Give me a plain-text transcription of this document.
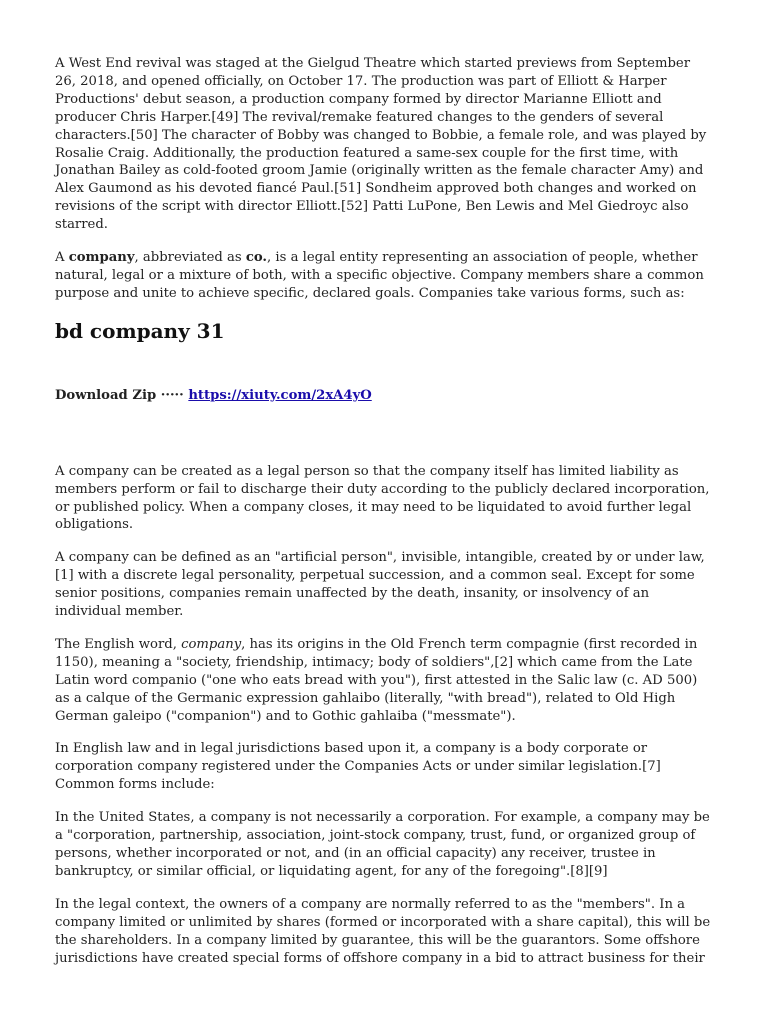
A West End revival was staged at the Gielgud Theatre which started previews from September 26, 2018, and opened officially, on October 17. The production was part of Elliott & Harper Productions' debut season, a production company formed by director Marianne Elliott and producer Chris Harper.[49] The revival/remake featured changes to the genders of several characters.[50] The character of Bobby was changed to Bobbie, a female role, and was played by Rosalie Craig. Additionally, the production featured a same-sex couple for the first time, with Jonathan Bailey as cold-footed groom Jamie (originally written as the female character Amy) and Alex Gaumond as his devoted fiancé Paul.[51] Sondheim approved both changes and worked on revisions of the script with director Elliott.[52] Patti LuPone, Ben Lewis and Mel Giedroyc also starred.

A company, abbreviated as co., is a legal entity representing an association of people, whether natural, legal or a mixture of both, with a specific objective. Company members share a common purpose and unite to achieve specific, declared goals. Companies take various forms, such as:

bd company 31
Download Zip ····· https://xiuty.com/2xA4yO

A company can be created as a legal person so that the company itself has limited liability as members perform or fail to discharge their duty according to the publicly declared incorporation, or published policy. When a company closes, it may need to be liquidated to avoid further legal obligations.

A company can be defined as an "artificial person", invisible, intangible, created by or under law,[1] with a discrete legal personality, perpetual succession, and a common seal. Except for some senior positions, companies remain unaffected by the death, insanity, or insolvency of an individual member.

The English word, company, has its origins in the Old French term compagnie (first recorded in 1150), meaning a "society, friendship, intimacy; body of soldiers",[2] which came from the Late Latin word companio ("one who eats bread with you"), first attested in the Salic law (c. AD 500) as a calque of the Germanic expression gahlaibo (literally, "with bread"), related to Old High German galeipo ("companion") and to Gothic gahlaiba ("messmate").

In English law and in legal jurisdictions based upon it, a company is a body corporate or corporation company registered under the Companies Acts or under similar legislation.[7] Common forms include:

In the United States, a company is not necessarily a corporation. For example, a company may be a "corporation, partnership, association, joint-stock company, trust, fund, or organized group of persons, whether incorporated or not, and (in an official capacity) any receiver, trustee in bankruptcy, or similar official, or liquidating agent, for any of the foregoing".[8][9]

In the legal context, the owners of a company are normally referred to as the "members". In a company limited or unlimited by shares (formed or incorporated with a share capital), this will be the shareholders. In a company limited by guarantee, this will be the guarantors. Some offshore jurisdictions have created special forms of offshore company in a bid to attract business for their
